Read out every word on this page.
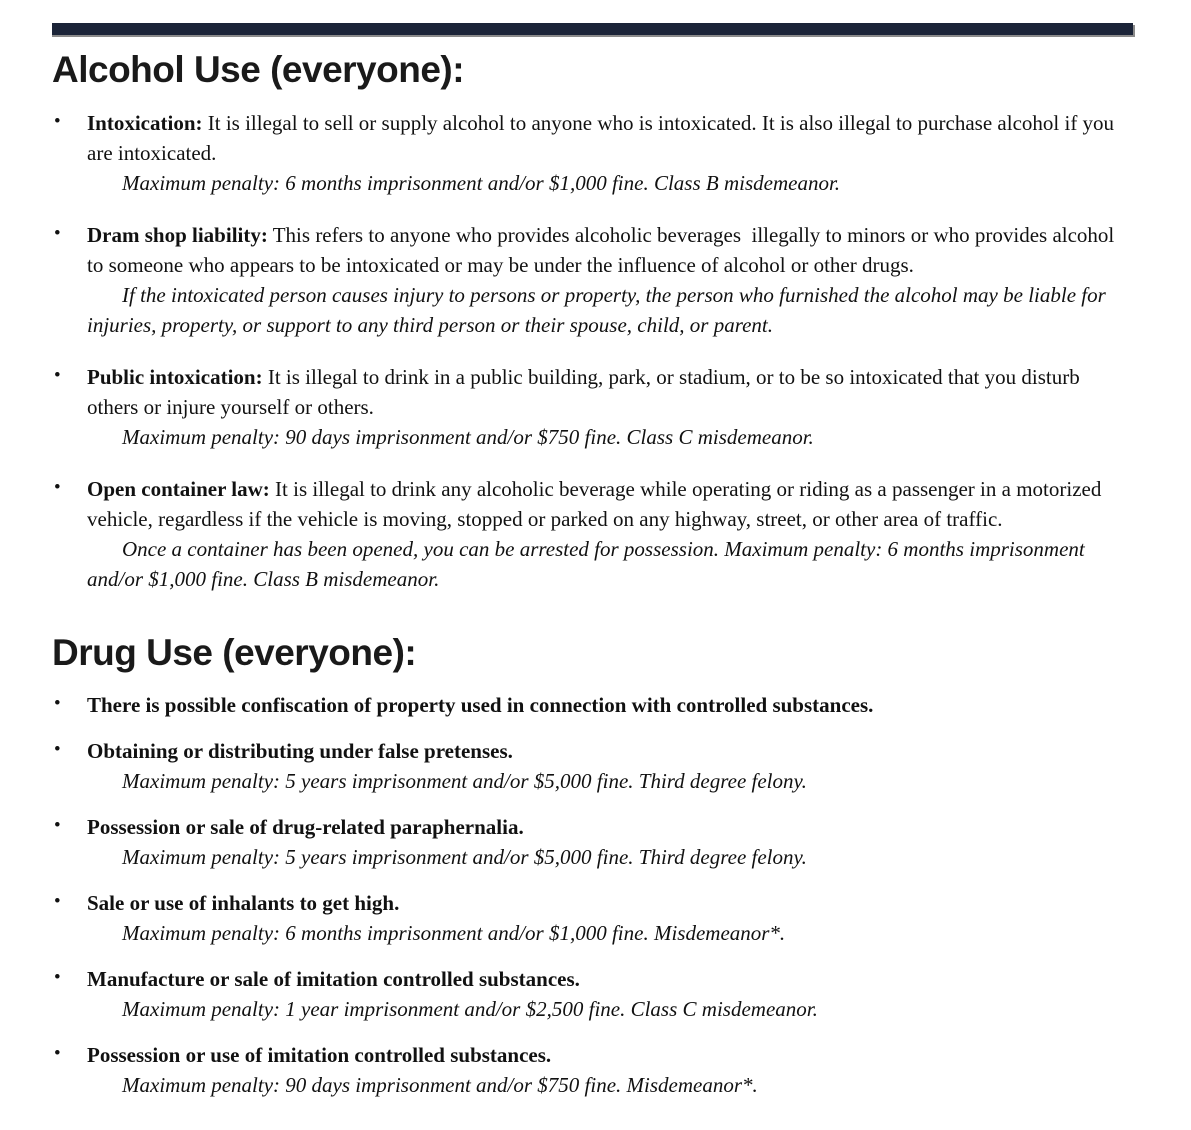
Alcohol Use (everyone):
• Intoxication: It is illegal to sell or supply alcohol to anyone who is intoxicated. It is also illegal to purchase alcohol if you are intoxicated.

Maximum penalty: 6 months imprisonment and/or $1,000 fine. Class B misdemeanor.

• Dram shop liability: This refers to anyone who provides alcoholic beverages  illegally to minors or who provides alcohol to someone who appears to be intoxicated or may be under the influence of alcohol or other drugs.

If the intoxicated person causes injury to persons or property, the person who furnished the alcohol may be liable for injuries, property, or support to any third person or their spouse, child, or parent.

• Public intoxication: It is illegal to drink in a public building, park, or stadium, or to be so intoxicated that you disturb others or injure yourself or others.

Maximum penalty: 90 days imprisonment and/or $750 fine. Class C misdemeanor.

• Open container law: It is illegal to drink any alcoholic beverage while operating or riding as a passenger in a motorized vehicle, regardless if the vehicle is moving, stopped or parked on any highway, street, or other area of traffic.

Once a container has been opened, you can be arrested for possession. Maximum penalty: 6 months imprisonment and/or $1,000 fine. Class B misdemeanor.

Drug Use (everyone):
• There is possible confiscation of property used in connection with controlled substances.

• Obtaining or distributing under false pretenses.

Maximum penalty: 5 years imprisonment and/or $5,000 fine. Third degree felony.

• Possession or sale of drug-related paraphernalia.

Maximum penalty: 5 years imprisonment and/or $5,000 fine. Third degree felony.

• Sale or use of inhalants to get high.

Maximum penalty: 6 months imprisonment and/or $1,000 fine. Misdemeanor*.

• Manufacture or sale of imitation controlled substances.

Maximum penalty: 1 year imprisonment and/or $2,500 fine. Class C misdemeanor.

• Possession or use of imitation controlled substances.

Maximum penalty: 90 days imprisonment and/or $750 fine. Misdemeanor*.
